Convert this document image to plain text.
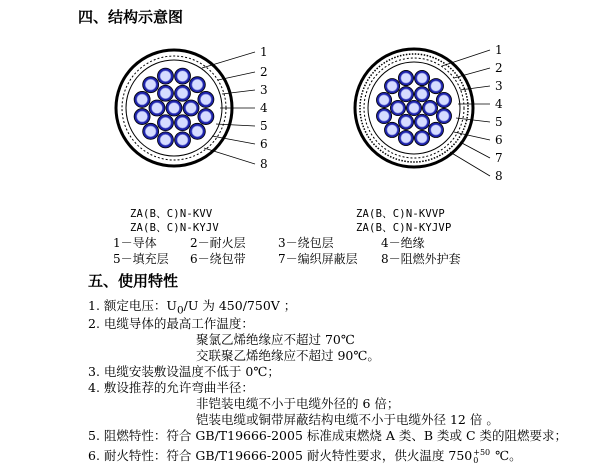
四、结构示意图
1
2
3
4
5
6
8
1
2
3
4
5
6
7
8
ZA(B、C)N-KVV
ZA(B、C)N-KYJV
ZA(B、C)N-KVVP
ZA(B、C)N-KYJVP
1－导体	2－耐火层	3－绕包层	4－绝缘
5－填充层 6－绕包带	7－编织屏蔽层 8－阻燃外护套
五、使用特性
1. 额定电压：$U_0/U$ 为 450/750V ；
2. 电缆导体的最高工作温度：
聚氯乙烯绝缘应不超过 70℃
交联聚乙烯绝缘应不超过 90℃。
3. 电缆安装敷设温度不低于 0℃；
4. 敷设推荐的允许弯曲半径：
非铠装电缆不小于电缆外径的 6 倍；
铠装电缆或铜带屏蔽结构电缆不小于电缆外径 12 倍 。
5. 阻燃特性：符合 GB/T19666-2005 标准成束燃烧 A 类、B 类或 C 类的阻燃要求；
6. 耐火特性：符合 GB/T19666-2005 耐火特性要求，供火温度 750 +50
0	℃。
